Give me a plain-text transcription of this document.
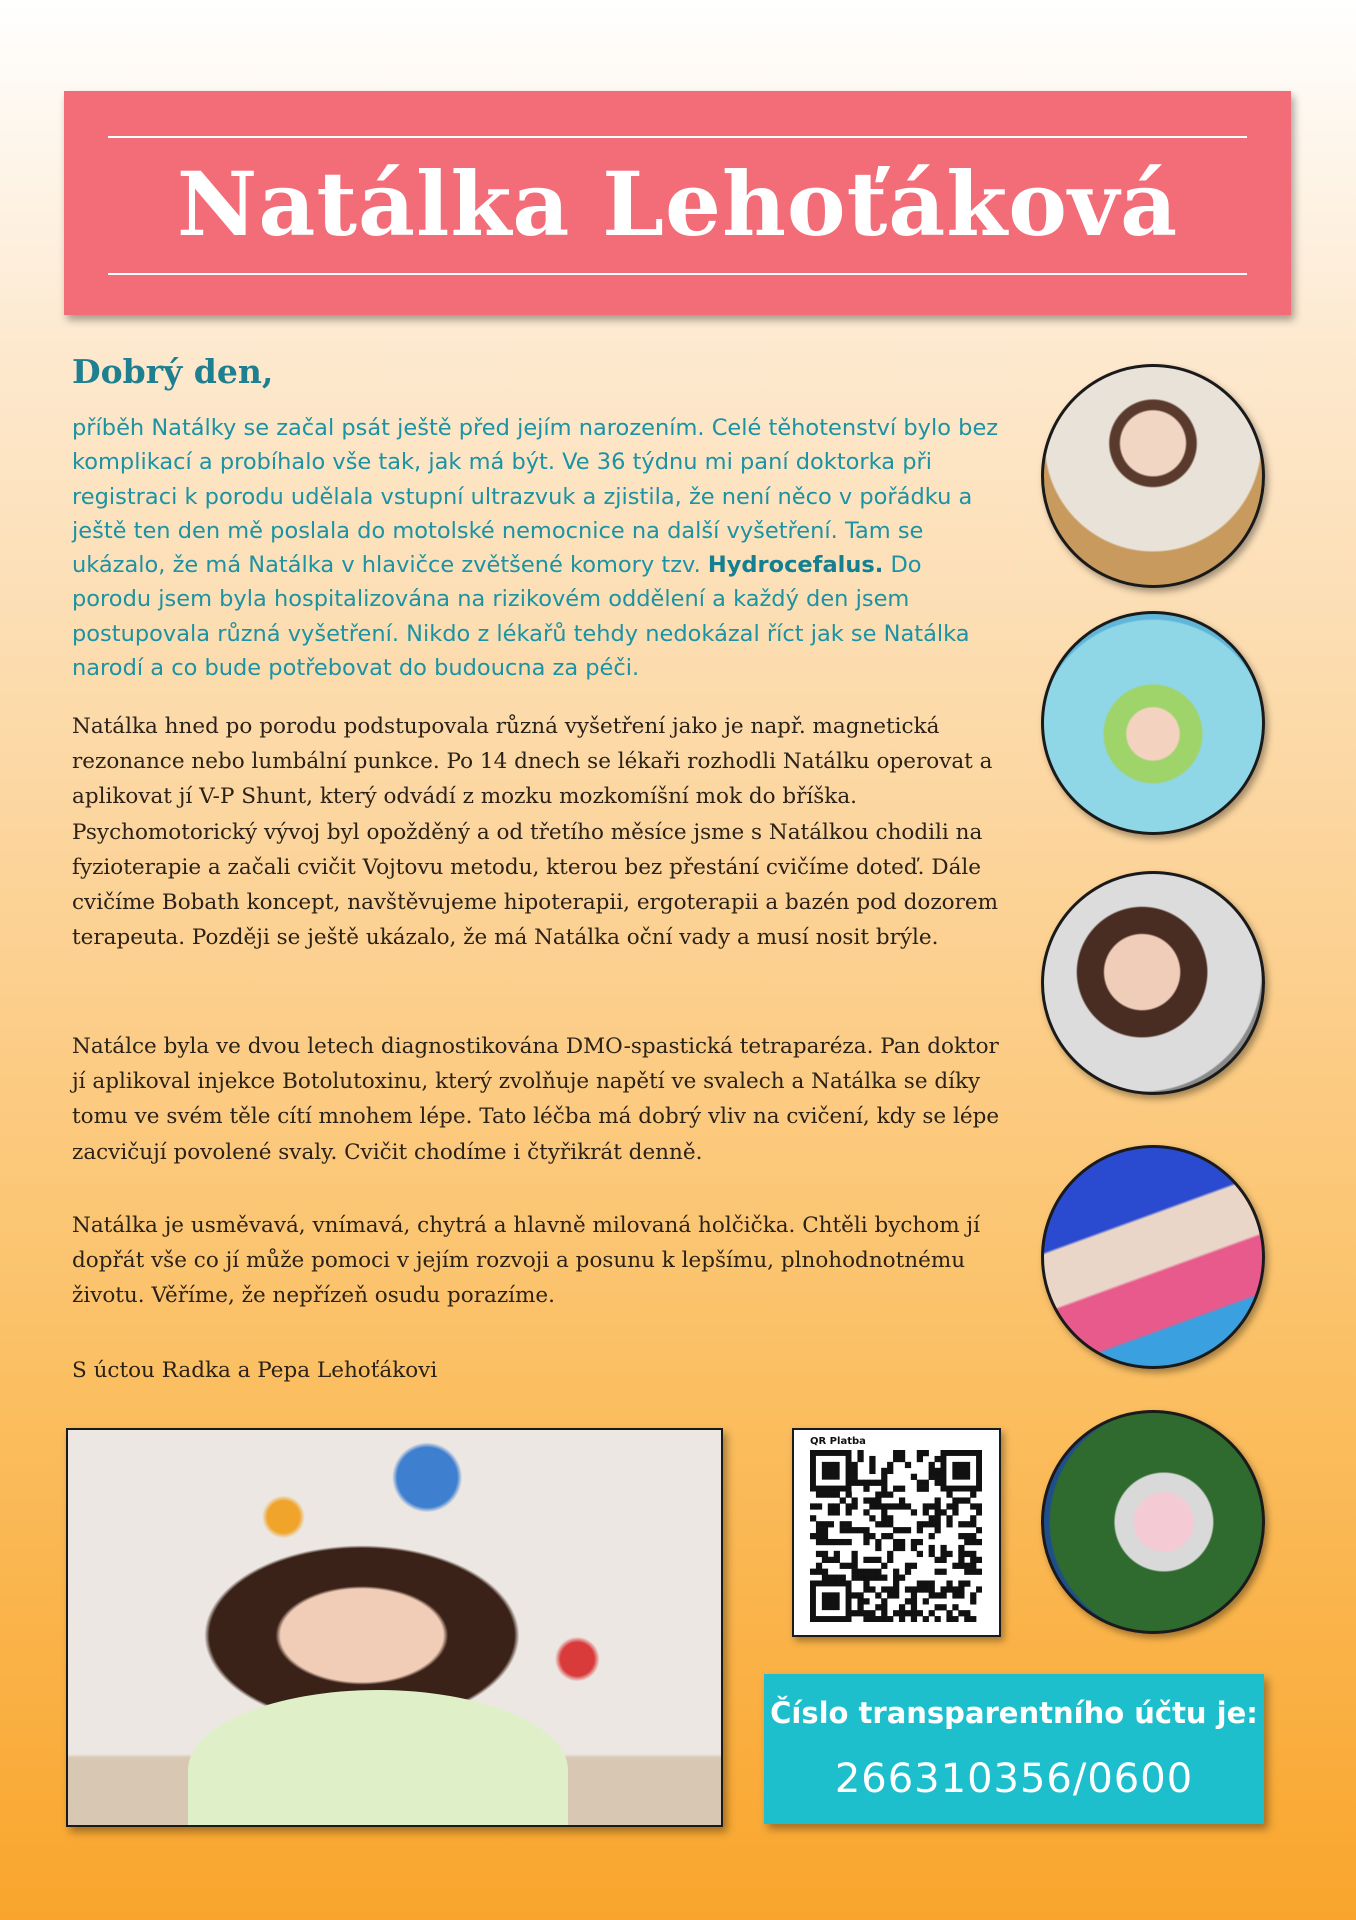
Natálka Lehoťáková
Dobrý den,

příběh Natálky se začal psát ještě před jejím narozením. Celé těhotenství bylo bez komplikací a probíhalo vše tak, jak má být. Ve 36 týdnu mi paní doktorka při registraci k porodu udělala vstupní ultrazvuk a zjistila, že není něco v pořádku a ještě ten den mě poslala do motolské nemocnice na další vyšetření. Tam se ukázalo, že má Natálka v hlavičce zvětšené komory tzv. Hydrocefalus. Do porodu jsem byla hospitalizována na rizikovém oddělení a každý den jsem postupovala různá vyšetření. Nikdo z lékařů tehdy nedokázal říct jak se Natálka narodí a co bude potřebovat do budoucna za péči.

Natálka hned po porodu podstupovala různá vyšetření jako je např. magnetická rezonance nebo lumbální punkce. Po 14 dnech se lékaři rozhodli Natálku operovat a aplikovat jí V-P Shunt, který odvádí z mozku mozkomíšní mok do bříška. Psychomotorický vývoj byl opožděný a od třetího měsíce jsme s Natálkou chodili na fyzioterapie a začali cvičit Vojtovu metodu, kterou bez přestání cvičíme doteď. Dále cvičíme Bobath koncept, navštěvujeme hipoterapii, ergoterapii a bazén pod dozorem terapeuta. Později se ještě ukázalo, že má Natálka oční vady a musí nosit brýle.

Natálce byla ve dvou letech diagnostikována DMO-spastická tetraparéza. Pan doktor jí aplikoval injekce Botolutoxinu, který zvolňuje napětí ve svalech a Natálka se díky tomu ve svém těle cítí mnohem lépe. Tato léčba má dobrý vliv na cvičení, kdy se lépe zacvičují povolené svaly. Cvičit chodíme i čtyřikrát denně.

Natálka je usměvavá, vnímavá, chytrá a hlavně milovaná holčička. Chtěli bychom jí dopřát vše co jí může pomoci v jejím rozvoji a posunu k lepšímu, plnohodnotnému životu. Věříme, že nepřízeň osudu porazíme.

S úctou Radka a Pepa Lehoťákovi

QR Platba
Číslo transparentního účtu je:
266310356/0600
